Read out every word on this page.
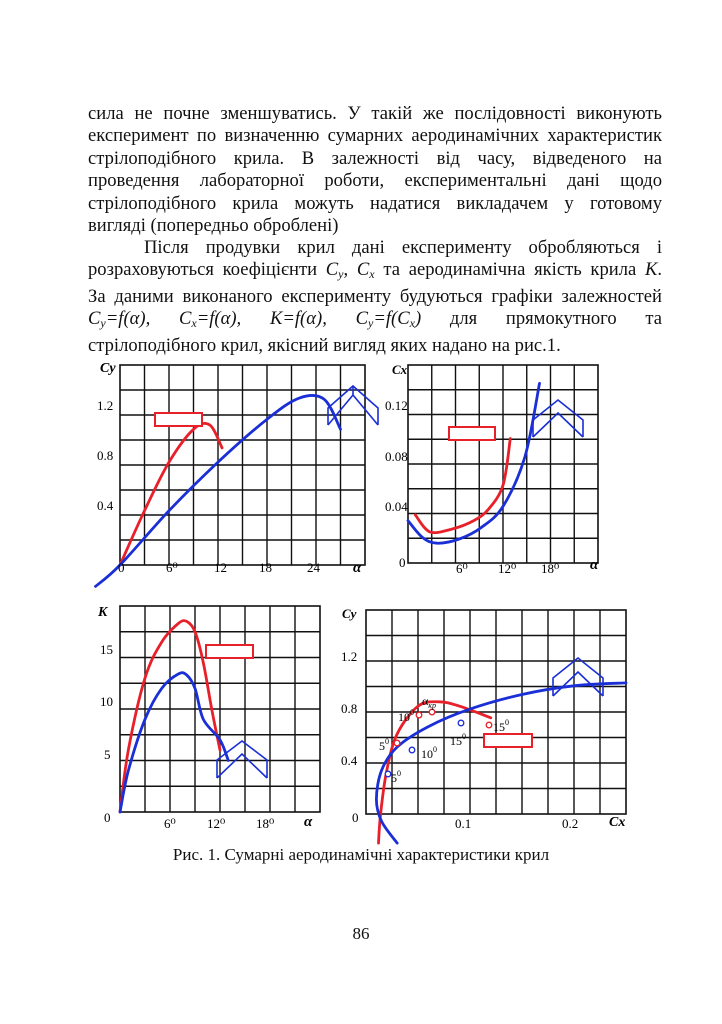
сила не почне зменшуватись. У такій же послідовності виконують
експеримент по визначенню сумарних аеродинамічних характеристик
стрілоподібного крила. В залежності від часу, відведеного на
проведення лабораторної роботи, експериментальні дані щодо
стрілоподібного крила можуть надатися викладачем у готовому
вигляді (попередньо оброблені)
Після продувки крил дані експерименту обробляються і
розраховуються коефіцієнти $C_y$, $C_x$ та аеродинамічна якість крила К.
За даними виконаного експерименту будуються графіки залежностей
$C_y=f(\alpha)$, $C_x=f(\alpha)$, K=f(α), $C_y=f(C_x)$ для прямокутного та
стрілоподібного крил, якісний вигляд яких надано на рис.1.
Cy
α
1.2
0.8
0.4
0	6⁰	12 18	24
Cx
α
0.12
0.08
0.04
0	6⁰ 12⁰ 18⁰
K
α
15
10
5
0	6⁰ 12⁰ 18⁰
$\alpha_{кр}$
$10^0$
$5^0$
$15^0$
$15^0$
$10^0$
$5^0$
Cy
Cx
1.2
0.8
0.4
0	0.1	0.2
Рис. 1. Сумарні аеродинамічні характеристики крил
86
